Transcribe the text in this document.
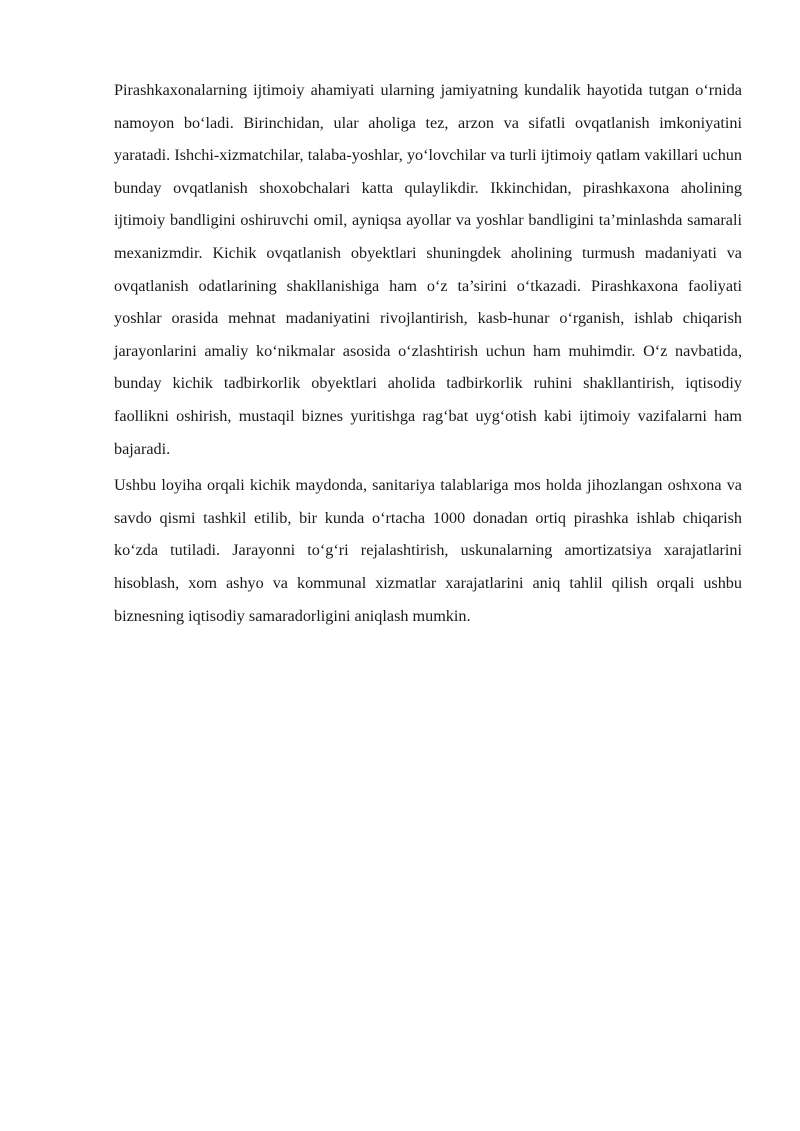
Pirashkaxonalarning ijtimoiy ahamiyati ularning jamiyatning kundalik hayotida tutgan o‘rnida namoyon bo‘ladi. Birinchidan, ular aholiga tez, arzon va sifatli ovqatlanish imkoniyatini yaratadi. Ishchi-xizmatchilar, talaba-yoshlar, yo‘lovchilar va turli ijtimoiy qatlam vakillari uchun bunday ovqatlanish shoxobchalari katta qulaylikdir. Ikkinchidan, pirashkaxona aholining ijtimoiy bandligini oshiruvchi omil, ayniqsa ayollar va yoshlar bandligini ta’minlashda samarali mexanizmdir. Kichik ovqatlanish obyektlari shuningdek aholining turmush madaniyati va ovqatlanish odatlarining shakllanishiga ham o‘z ta’sirini o‘tkazadi. Pirashkaxona faoliyati yoshlar orasida mehnat madaniyatini rivojlantirish, kasb-hunar o‘rganish, ishlab chiqarish jarayonlarini amaliy ko‘nikmalar asosida o‘zlashtirish uchun ham muhimdir. O‘z navbatida, bunday kichik tadbirkorlik obyektlari aholida tadbirkorlik ruhini shakllantirish, iqtisodiy faollikni oshirish, mustaqil biznes yuritishga rag‘bat uyg‘otish kabi ijtimoiy vazifalarni ham bajaradi.

Ushbu loyiha orqali kichik maydonda, sanitariya talablariga mos holda jihozlangan oshxona va savdo qismi tashkil etilib, bir kunda o‘rtacha 1000 donadan ortiq pirashka ishlab chiqarish ko‘zda tutiladi. Jarayonni to‘g‘ri rejalashtirish, uskunalarning amortizatsiya xarajatlarini hisoblash, xom ashyo va kommunal xizmatlar xarajatlarini aniq tahlil qilish orqali ushbu biznesning iqtisodiy samaradorligini aniqlash mumkin.
